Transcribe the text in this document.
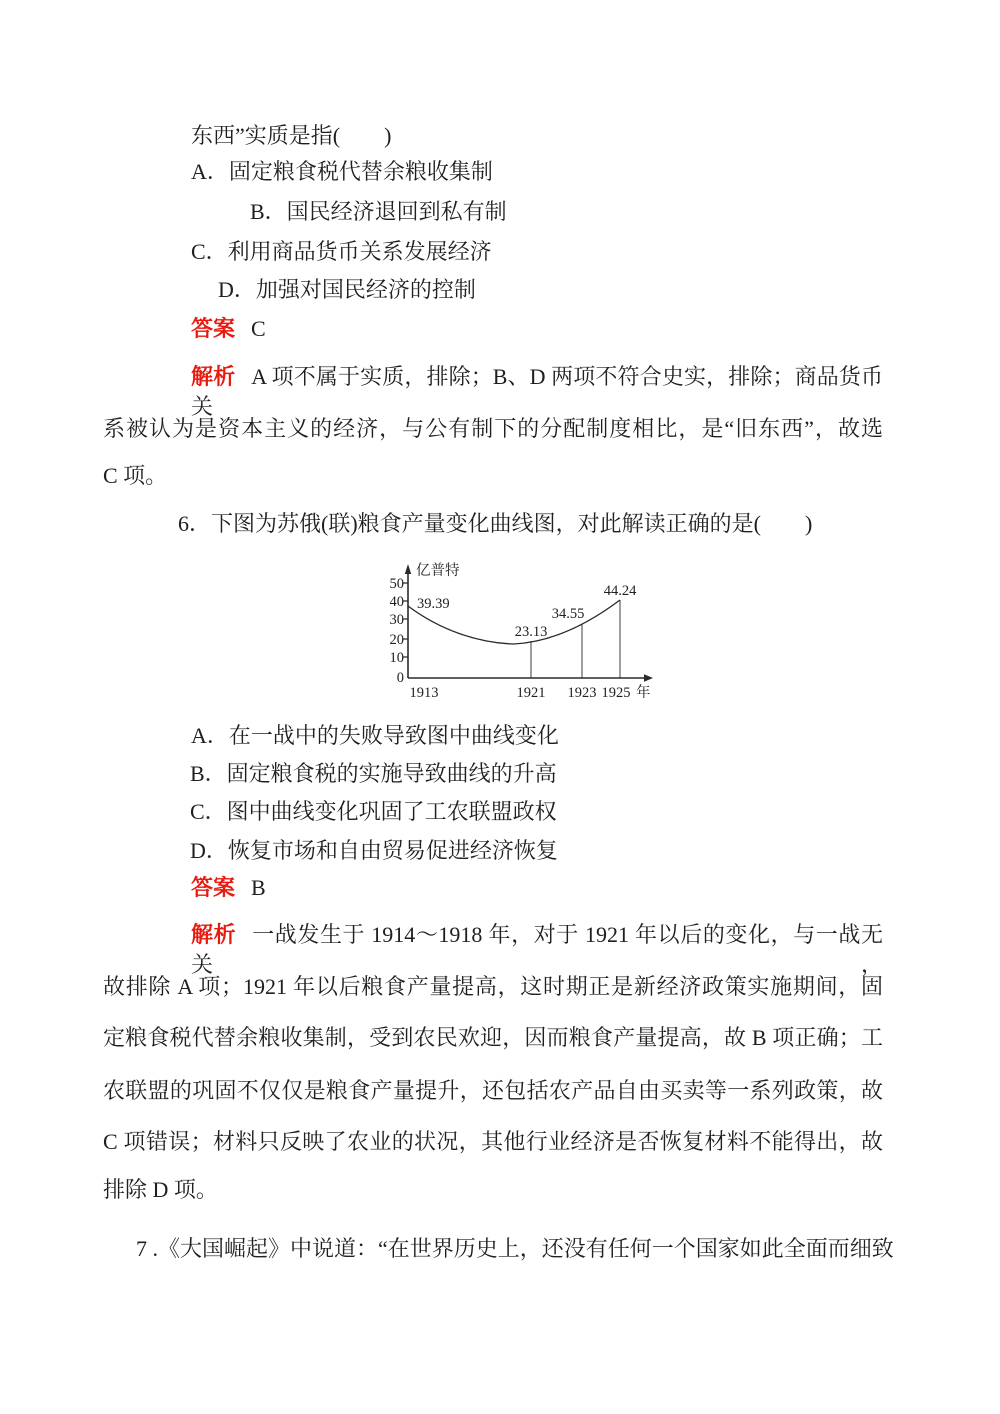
东西”实质是指(　　)
A．固定粮食税代替余粮收集制
B．国民经济退回到私有制
C．利用商品货币关系发展经济
D．加强对国民经济的控制
答案 C
解析 A 项不属于实质，排除；B、D 两项不符合史实，排除；商品货币关
系被认为是资本主义的经济，与公有制下的分配制度相比，是“旧东西”，故选
C 项。
6．下图为苏俄(联)粮食产量变化曲线图，对此解读正确的是(　　)
0
10
20
30
40
50
亿普特
39.39
23.13
34.55
44.24
1913	1921 1923 1925 年
A．在一战中的失败导致图中曲线变化
B．固定粮食税的实施导致曲线的升高
C．图中曲线变化巩固了工农联盟政权
D．恢复市场和自由贸易促进经济恢复
答案 B
解析 一战发生于 1914～1918 年，对于 1921 年以后的变化，与一战无关，
故排除 A 项；1921 年以后粮食产量提高，这时期正是新经济政策实施期间，固
定粮食税代替余粮收集制，受到农民欢迎，因而粮食产量提高，故 B 项正确；工
农联盟的巩固不仅仅是粮食产量提升，还包括农产品自由买卖等一系列政策，故
C 项错误；材料只反映了农业的状况，其他行业经济是否恢复材料不能得出，故
排除 D 项。
7 .《大国崛起》中说道：“在世界历史上，还没有任何一个国家如此全面而细致
